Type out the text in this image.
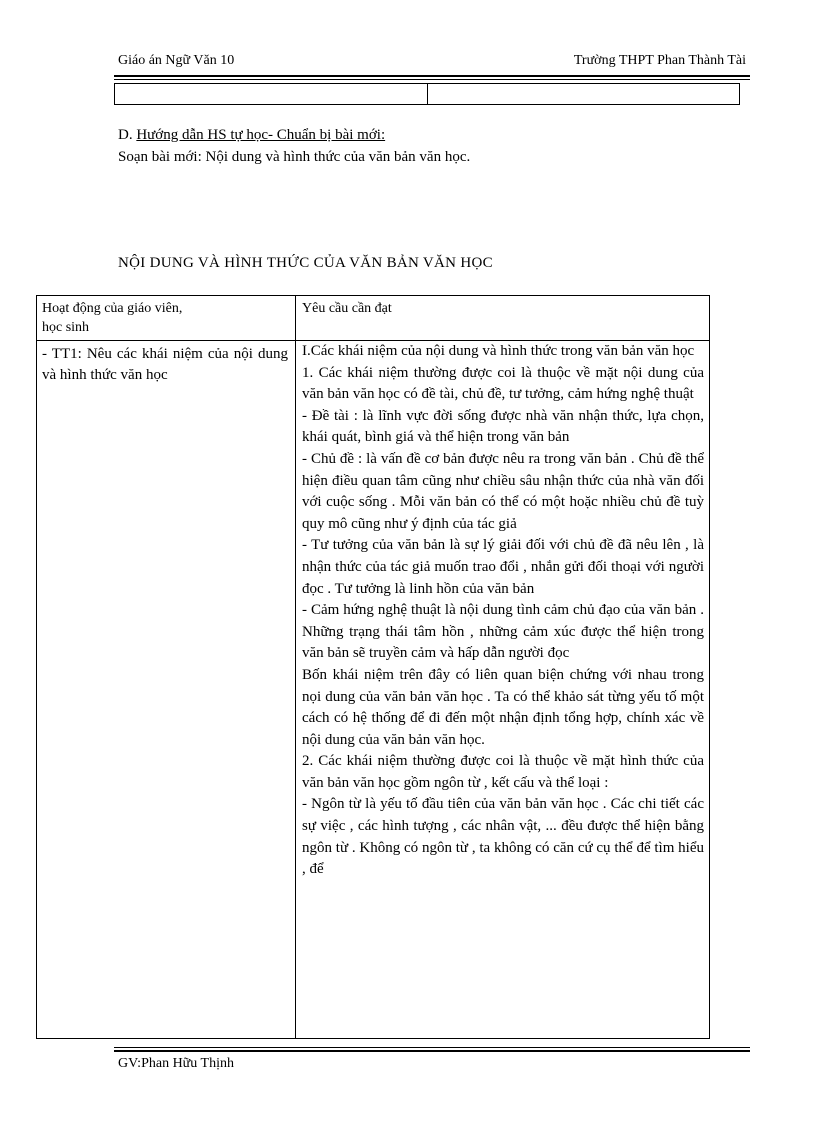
Giáo án Ngữ Văn 10	Trường THPT Phan Thành Tài
D. Hướng dẫn HS tự học- Chuẩn bị bài mới:
Soạn bài mới: Nội dung và hình thức của văn bản văn học.
NỘI DUNG VÀ HÌNH THỨC CỦA VĂN BẢN VĂN HỌC
Hoạt động của giáo viên,
học sinh
Yêu cầu cần đạt
- TT1: Nêu các khái niệm của nội dung và hình thức văn học

I.Các khái niệm của nội dung và hình thức trong văn bản văn học

1. Các khái niệm thường được coi là thuộc về mặt nội dung của văn bản văn học có đề tài, chủ đề, tư tưởng, cảm hứng nghệ thuật

- Đề tài : là lĩnh vực đời sống được nhà văn nhận thức, lựa chọn, khái quát, bình giá và thể hiện trong văn bản

- Chủ đề : là vấn đề cơ bản được nêu ra trong văn bản . Chủ đề thể hiện điều quan tâm cũng như chiều sâu nhận thức của nhà văn đối với cuộc sống . Mỗi văn bản có thể có một hoặc nhiều chủ đề tuỳ quy mô cũng như ý định của tác giả

- Tư tưởng của văn bản là sự lý giải đối với chủ đề đã nêu lên , là nhận thức của tác giả muốn trao đổi , nhắn gửi đối thoại với người đọc . Tư tưởng là linh hồn của văn bản

- Cảm hứng nghệ thuật là nội dung tình cảm chủ đạo của văn bản . Những trạng thái tâm hồn , những cảm xúc được thể hiện trong văn bản sẽ truyền cảm và hấp dẫn người đọc

Bốn khái niệm trên đây có liên quan biện chứng với nhau trong nọi dung của văn bản văn học . Ta có thể khảo sát từng yếu tố một cách có hệ thống để đi đến một nhận định tổng hợp, chính xác về nội dung của văn bản văn học.

2. Các khái niệm thường được coi là thuộc về mặt hình thức của văn bản văn học gồm ngôn từ , kết cấu và thể loại :

- Ngôn từ là yếu tố đầu tiên của văn bản văn học . Các chi tiết các sự việc , các hình tượng , các nhân vật, ... đều được thể hiện bằng ngôn từ . Không có ngôn từ , ta không có căn cứ cụ thể để tìm hiểu , để

GV:Phan Hữu Thịnh
